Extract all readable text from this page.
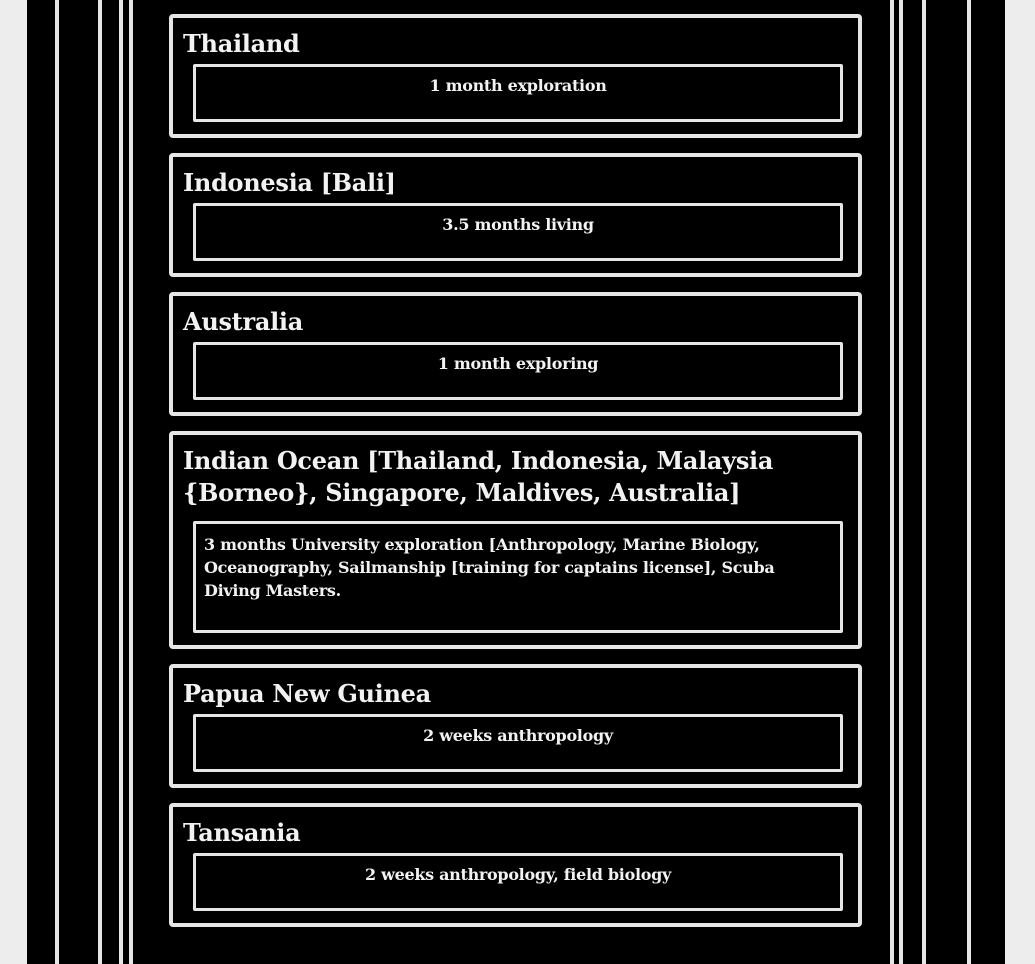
Thailand
1 month exploration
Indonesia [Bali]
3.5 months living
Australia
1 month exploring
Indian Ocean [Thailand, Indonesia, Malaysia {Borneo}, Singapore, Maldives, Australia]
3 months University exploration [Anthropology, Marine Biology, Oceanography, Sailmanship [training for captains license], Scuba Diving Masters.
Papua New Guinea
2 weeks anthropology
Tansania
2 weeks anthropology, field biology
